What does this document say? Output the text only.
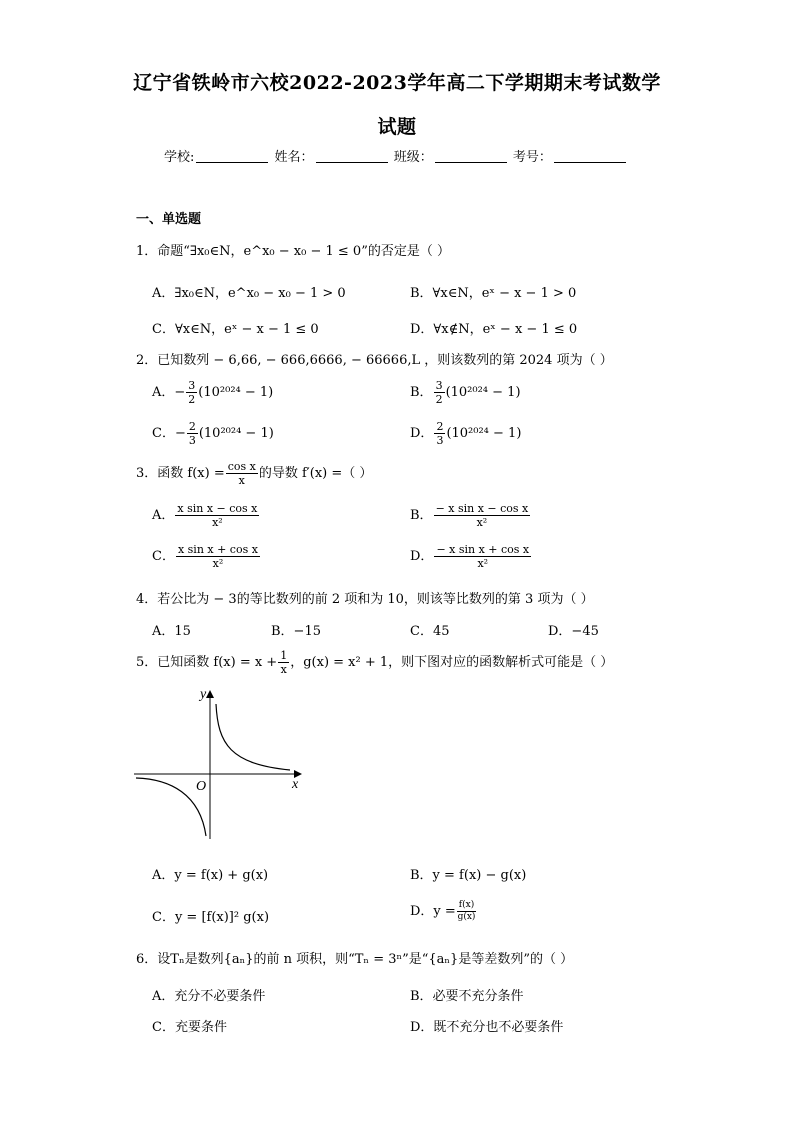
辽宁省铁岭市六校2022-2023学年高二下学期期末考试数学
试题
学校:	姓名：	班级：	考号：
一、单选题
1．命题“∃x₀∈N，e^x₀ − x₀ − 1 ≤ 0”的否定是（ ）
A．∃x₀∈N，e^x₀ − x₀ − 1 > 0	B．∀x∈N，eˣ − x − 1 > 0
C．∀x∈N，eˣ − x − 1 ≤ 0	D．∀x∉N，eˣ − x − 1 ≤ 0
2．已知数列 − 6,66, − 666,6666, − 66666,L ，则该数列的第 2024 项为（ ）
A．− $\frac{3}{2} (10^{2024} - 1)$	B． $\frac{3}{2} (10^{2024} - 1)$
C．− $\frac{2}{3} (10^{2024} - 1)$	D． $\frac{2}{3} (10^{2024} - 1)$
3．函数 $f(x) = \frac{\text{cos x}}{x}$ 的导数 f′(x) =（ ）
A． $\frac{\text{x sin x − cos x}}{\text{x²}}$	B． $\frac{\text{− x sin x − cos x}}{\text{x²}}$
C． $\frac{\text{x sin x + cos x}}{\text{x²}}$	D． $\frac{\text{− x sin x + cos x}}{\text{x²}}$
4．若公比为 − 3的等比数列的前 2 项和为 10，则该等比数列的第 3 项为（ ）
A．15	B．−15	C．45	D．−45
5．已知函数 $f(x) = x + \frac{1}{x}$ ，g(x) = x² + 1，则下图对应的函数解析式可能是（ ）
y
x
O
A．y = f(x) + g(x)	B．y = f(x) − g(x)
C．y = [f(x)]² g(x)	D．$y = \frac{f(x)}{g(x)}$
6．设Tₙ是数列{aₙ}的前 n 项积，则“Tₙ = 3ⁿ”是“{aₙ}是等差数列”的（ ）
A．充分不必要条件	B．必要不充分条件
C．充要条件	D．既不充分也不必要条件
